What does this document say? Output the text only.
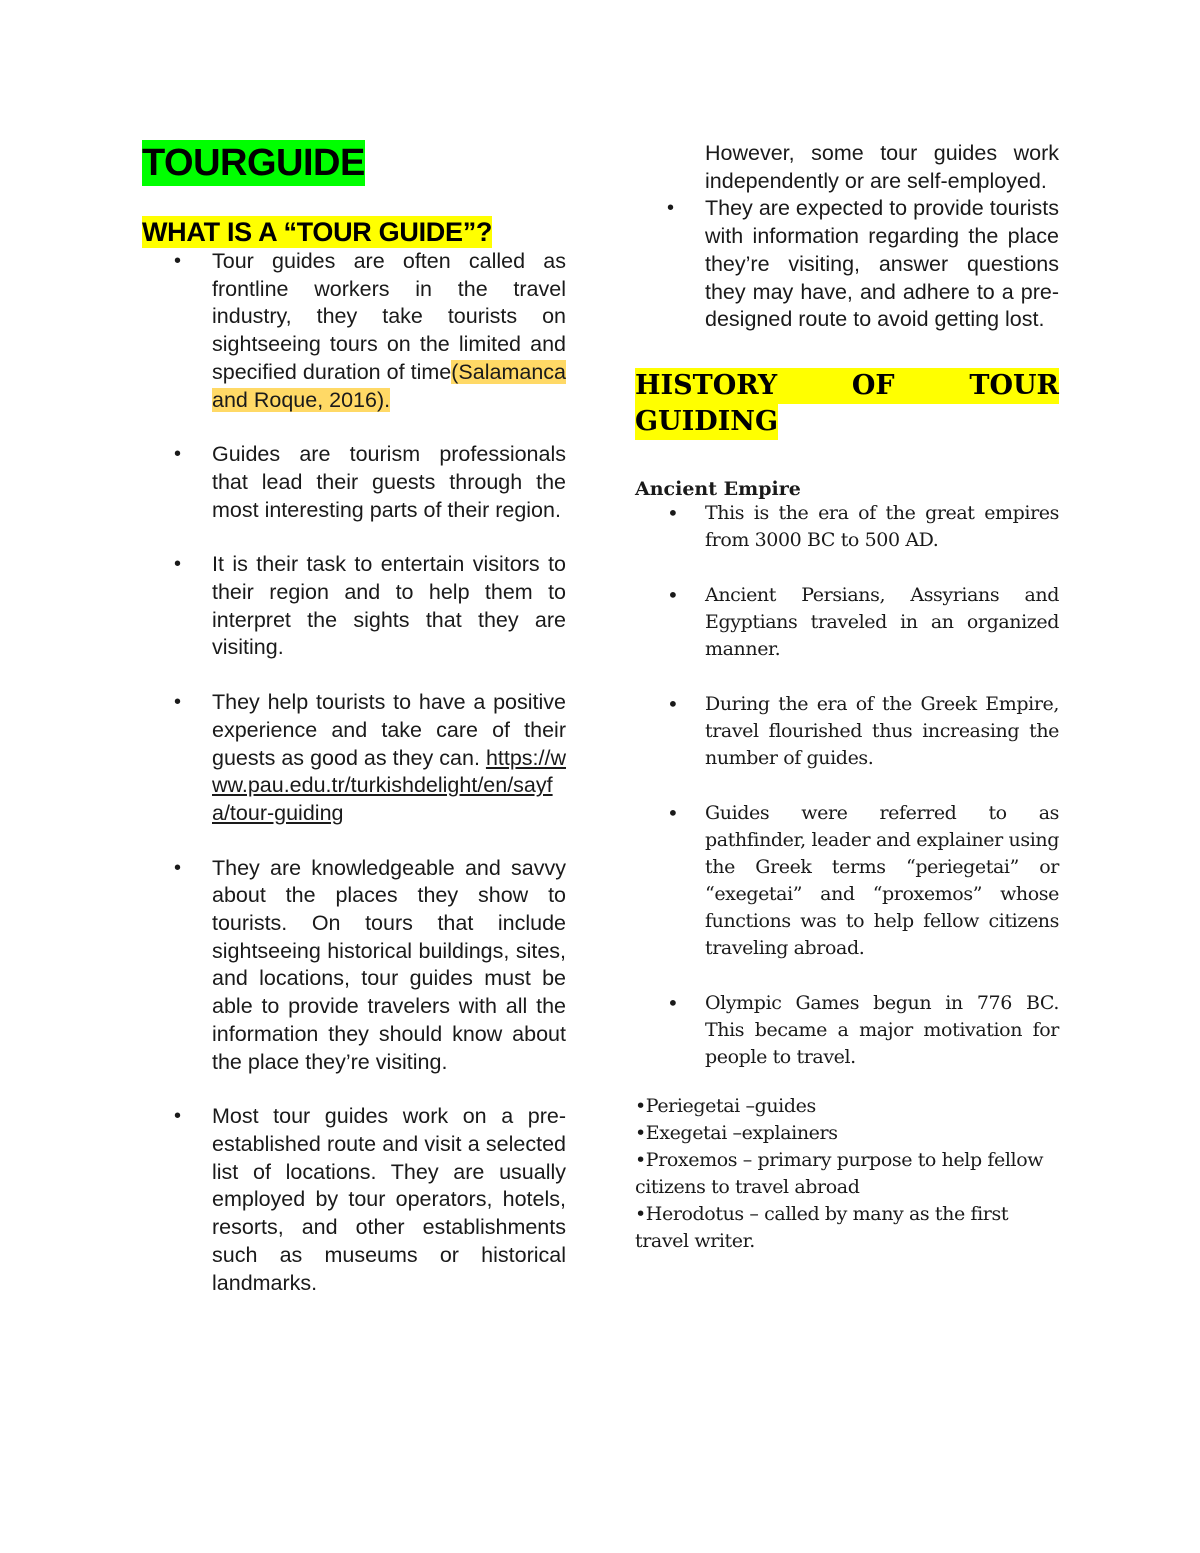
TOURGUIDE
WHAT IS A “TOUR GUIDE”?
• Tour guides are often called as frontline workers in the travel industry, they take tourists on sightseeing tours on the limited and specified duration of time(Salamanca and Roque, 2016).
• Guides are tourism professionals that lead their guests through the most interesting parts of their region.
• It is their task to entertain visitors to their region and to help them to interpret the sights that they are visiting.
• They help tourists to have a positive experience and take care of their guests as good as they can. https://www.pau.edu.tr/turkishdelight/en/sayfa/tour-guiding
• They are knowledgeable and savvy about the places they show to tourists. On tours that include sightseeing historical buildings, sites, and locations, tour guides must be able to provide travelers with all the information they should know about the place they’re visiting.
• Most tour guides work on a pre-established route and visit a selected list of locations. They are usually employed by tour operators, hotels, resorts, and other establishments such as museums or historical landmarks.

However, some tour guides work independently or are self-employed.

• They are expected to provide tourists with information regarding the place they’re visiting, answer questions they may have, and adhere to a pre-designed route to avoid getting lost.
HISTORY	OF	TOUR
GUIDING
Ancient Empire
• This is the era of the great empires from 3000 BC to 500 AD.
• Ancient Persians, Assyrians and Egyptians traveled in an organized manner.
• During the era of the Greek Empire, travel flourished thus increasing the number of guides.
• Guides were referred to as pathfinder, leader and explainer using the Greek terms “periegetai” or “exegetai” and “proxemos” whose functions was to help fellow citizens traveling abroad.
• Olympic Games begun in 776 BC. This became a major motivation for people to travel.
•Periegetai –guides
•Exegetai –explainers
•Proxemos – primary purpose to help fellow citizens to travel abroad
•Herodotus – called by many as the first travel writer.
